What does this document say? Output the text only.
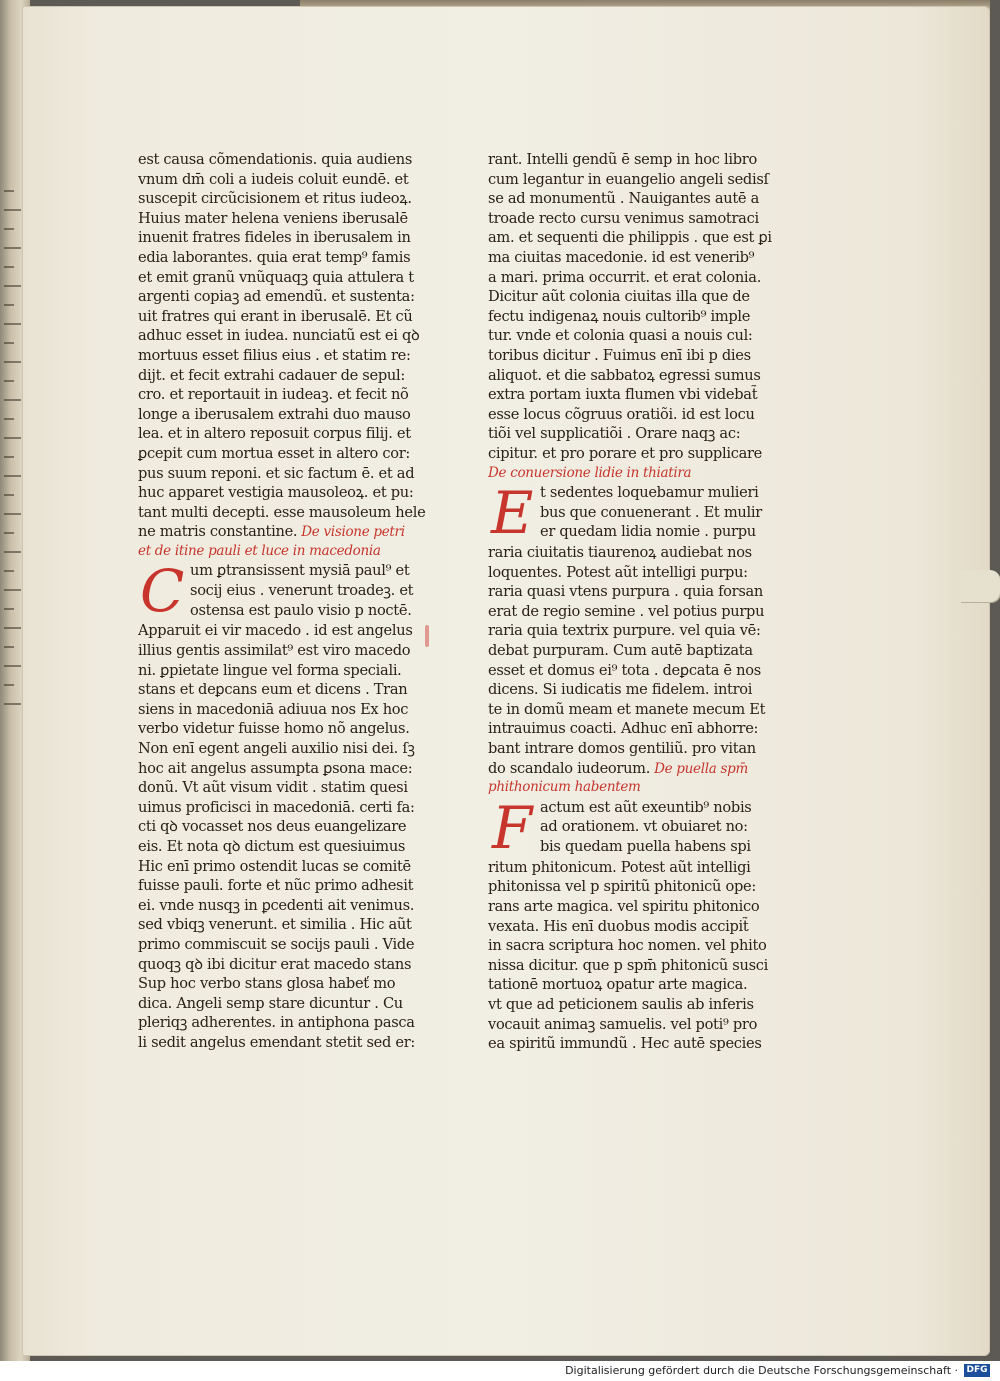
est causa cõmendationis. quia audiens
vnum dm̄ coli a iudeis coluit eundē. et
suscepit circũcisionem et ritus iudeoꝝ.
Huius mater helena veniens iberusalē
inuenit fratres fideles in iberusalem in
edia laborantes. quia erat temp⁹ famis
et emit granũ vnũquaqꝫ quia attulera t
argenti copiaꝫ ad emendũ. et sustenta:
uit fratres qui erant in iberusalē. Et cũ
adhuc esset in iudea. nunciatũ est ei qꝺ
mortuus esset filius eius . et statim re:
dijt. et fecit extrahi cadauer de sepul:
cro. et reportauit in iudeaꝫ. et fecit nõ
longe a iberusalem extrahi duo mauso
lea. et in altero reposuit corpus filij. et
ꝑcepit cum mortua esset in altero cor:
pus suum reponi. et sic factum ē. et ad
huc apparet vestigia mausoleoꝝ. et pu:
tant multi decepti. esse mausoleum hele
ne matris constantine. De visione petri
et de itine pauli et luce in macedonia
C um ꝑtransissent mysiā paul⁹ et
socij eius . venerunt troadeꝫ. et
ostensa est paulo visio p noctē.
Apparuit ei vir macedo . id est angelus
illius gentis assimilat⁹ est viro macedo
ni. ꝑpietate lingue vel forma speciali.
stans et deꝑcans eum et dicens . Tran
siens in macedoniā adiuua nos Ex hoc
verbo videtur fuisse homo nõ angelus.
Non enī egent angeli auxilio nisi dei. ſꝫ
hoc ait angelus assumpta ꝑsona mace:
donũ. Vt aũt visum vidit . statim quesi
uimus proficisci in macedoniā. certi fa:
cti qꝺ vocasset nos deus euangelizare
eis. Et nota qꝺ dictum est quesiuimus
Hic enī primo ostendit lucas se comitē
fuisse pauli. forte et nũc primo adhesit
ei. vnde nusqꝫ in ꝑcedenti ait venimus.
sed vbiqꝫ venerunt. et similia . Hic aũt
primo commiscuit se socijs pauli . Vide
quoqꝫ qꝺ ibi dicitur erat macedo stans
Sup hoc verbo stans glosa habeť mo
dica. Angeli semp stare dicuntur . Cu
pleriqꝫ adherentes. in antiphona pasca
li sedit angelus emendant stetit sed er:
rant. Intelli gendũ ē semp in hoc libro
cum legantur in euangelio angeli sedisſ
se ad monumentũ . Nauigantes autē a
troade recto cursu venimus samotraci
am. et sequenti die philippis . que est ꝑi
ma ciuitas macedonie. id est venerib⁹
a mari. prima occurrit. et erat colonia.
Dicitur aũt colonia ciuitas illa que de
fectu indigenaꝝ nouis cultorib⁹ imple
tur. vnde et colonia quasi a nouis cul:
toribus dicitur . Fuimus enī ibi p dies
aliquot. et die sabbatoꝝ egressi sumus
extra portam iuxta flumen vbi videbat̃
esse locus cõgruus oratiõi. id est locu
tiõi vel supplicatiõi . Orare naqꝫ ac:
cipitur. et pro porare et pro supplicare
De conuersione lidie in thiatira
E t sedentes loquebamur mulieri
bus que conuenerant . Et mulir
er quedam lidia nomie . purpu
raria ciuitatis tiaurenoꝝ audiebat nos
loquentes. Potest aũt intelligi purpu:
raria quasi vtens purpura . quia forsan
erat de regio semine . vel potius purpu
raria quia textrix purpure. vel quia vē:
debat purpuram. Cum autē baptizata
esset et domus ei⁹ tota . deꝑcata ē nos
dicens. Si iudicatis me fidelem. introi
te in domũ meam et manete mecum Et
intrauimus coacti. Adhuc enī abhorre:
bant intrare domos gentiliũ. pro vitan
do scandalo iudeorum. De puella spm̄
phithonicum habentem
F actum est aũt exeuntib⁹ nobis
ad orationem. vt obuiaret no:
bis quedam puella habens spi
ritum phitonicum. Potest aũt intelligi
phitonissa vel p spiritũ phitonicũ ope:
rans arte magica. vel spiritu phitonico
vexata. His enī duobus modis accipit̃
in sacra scriptura hoc nomen. vel phito
nissa dicitur. que p spm̄ phitonicũ susci
tationē mortuoꝝ opatur arte magica.
vt que ad peticionem saulis ab inferis
vocauit animaꝫ samuelis. vel poti⁹ pro
ea spiritũ immundũ . Hec autē species
Digitalisierung gefördert durch die Deutsche Forschungsgemeinschaft · DFG
